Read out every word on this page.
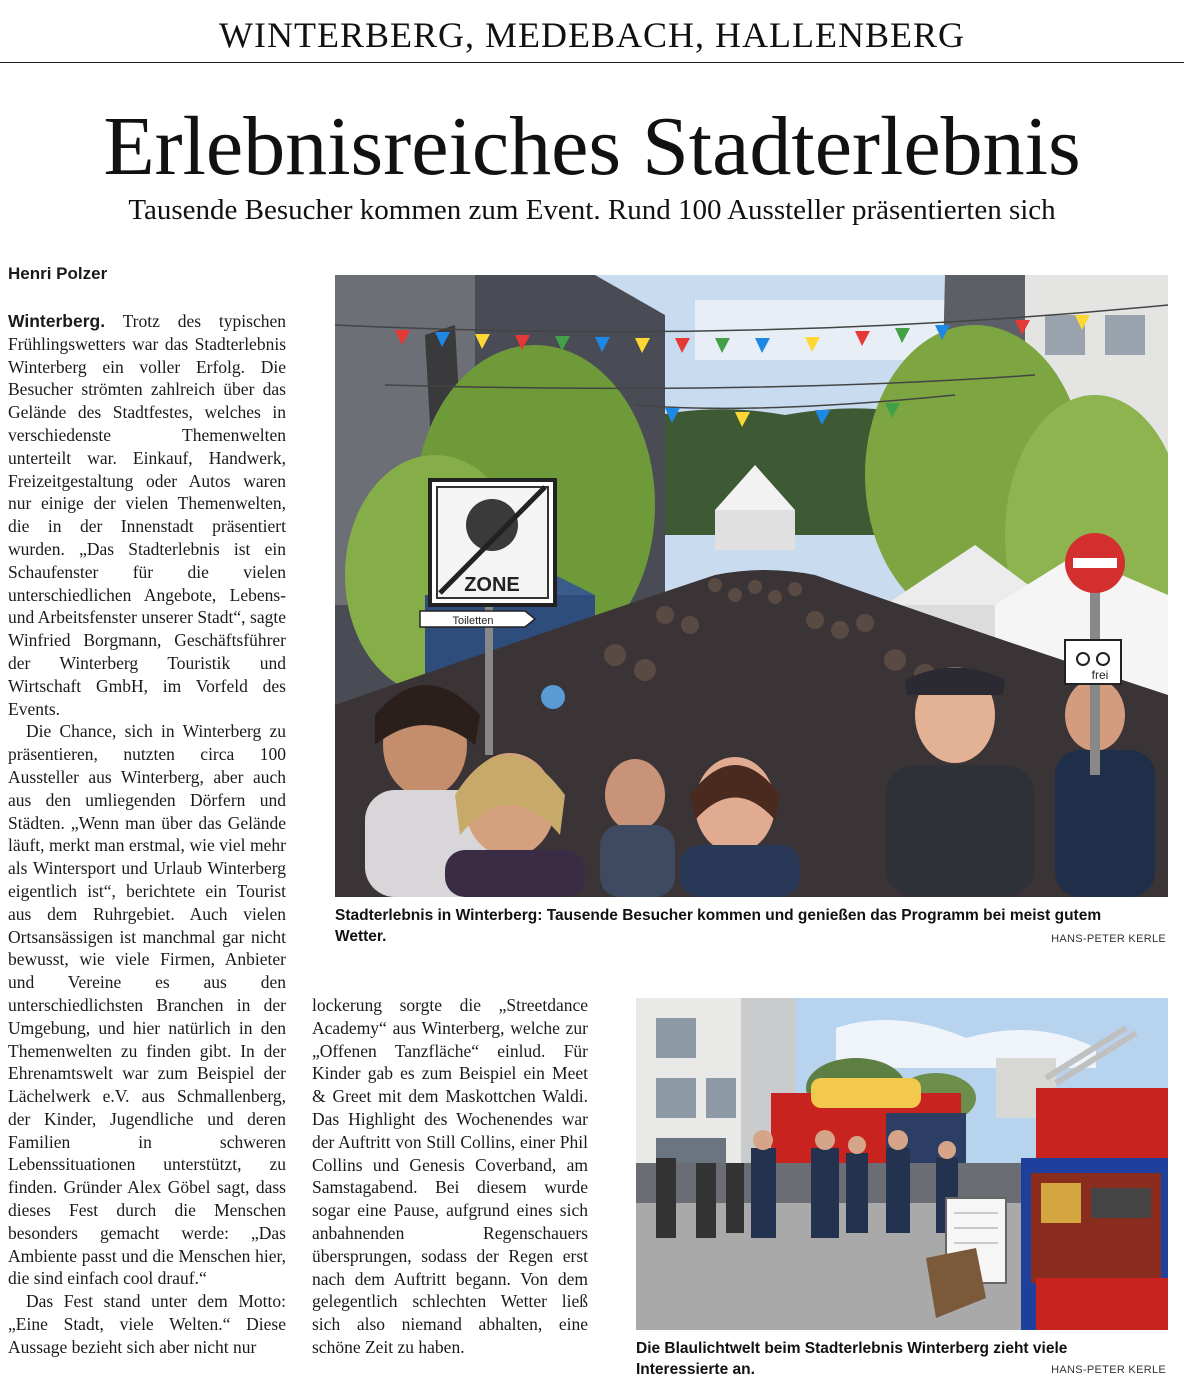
WINTERBERG, MEDEBACH, HALLENBERG
Erlebnisreiches Stadterlebnis
Tausende Besucher kommen zum Event. Rund 100 Aussteller präsentierten sich
Henri Polzer

Winterberg. Trotz des typischen Frühlingswetters war das Stadterlebnis Winterberg ein voller Erfolg. Die Besucher strömten zahlreich über das Gelände des Stadtfestes, welches in verschiedenste Themenwelten unterteilt war. Einkauf, Handwerk, Freizeitgestaltung oder Autos waren nur einige der vielen Themenwelten, die in der Innenstadt präsentiert wurden. „Das Stadterlebnis ist ein Schaufenster für die vielen unterschiedlichen Angebote, Lebens- und Arbeitsfenster unserer Stadt“, sagte Winfried Borgmann, Geschäftsführer der Winterberg Touristik und Wirtschaft GmbH, im Vorfeld des Events.

Die Chance, sich in Winterberg zu präsentieren, nutzten circa 100 Aussteller aus Winterberg, aber auch aus den umliegenden Dörfern und Städten. „Wenn man über das Gelände läuft, merkt man erstmal, wie viel mehr als Wintersport und Urlaub Winterberg eigentlich ist“, berichtete ein Tourist aus dem Ruhrgebiet. Auch vielen Ortsansässigen ist manchmal gar nicht bewusst, wie viele Firmen, Anbieter und Vereine es aus den unterschiedlichsten Branchen in der Umgebung, und hier natürlich in den Themenwelten zu finden gibt. In der Ehrenamtswelt war zum Beispiel der Lächelwerk e.V. aus Schmallenberg, der Kinder, Jugendliche und deren Familien in schweren Lebenssituationen unterstützt, zu finden. Gründer Alex Göbel sagt, dass dieses Fest durch die Menschen besonders gemacht werde: „Das Ambiente passt und die Menschen hier, die sind einfach cool drauf.“

Das Fest stand unter dem Motto: „Eine Stadt, viele Welten.“ Diese Aussage bezieht sich aber nicht nur

lockerung sorgte die „Streetdance Academy“ aus Winterberg, welche zur „Offenen Tanzfläche“ einlud. Für Kinder gab es zum Beispiel ein Meet & Greet mit dem Maskottchen Waldi. Das Highlight des Wochenendes war der Auftritt von Still Collins, einer Phil Collins und Genesis Coverband, am Samstagabend. Bei diesem wurde sogar eine Pause, aufgrund eines sich anbahnenden Regenschauers übersprungen, sodass der Regen erst nach dem Auftritt begann. Von dem gelegentlich schlechten Wetter ließ sich also niemand abhalten, eine schöne Zeit zu haben.

ZONE
Toiletten
frei
Stadterlebnis in Winterberg: Tausende Besucher kommen und genießen das Programm bei meist gutem Wetter.	HANS-PETER KERLE
Die Blaulichtwelt beim Stadterlebnis Winterberg zieht viele Interessierte an.	HANS-PETER KERLE
